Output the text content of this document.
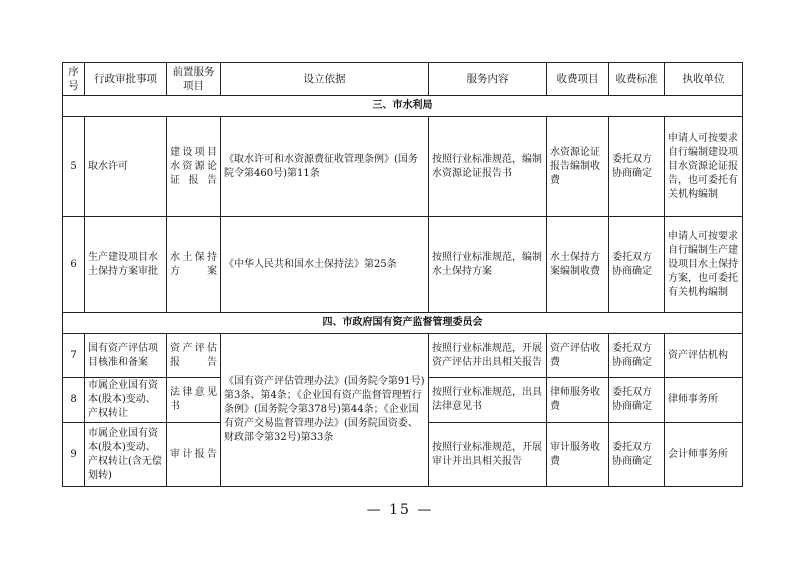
序号	行政审批事项	前置服务项目	设立依据	服务内容	收费项目	收费标准	执收单位
三、市水利局							
5	取水许可	建设项目水资源论证报告	《取水许可和水资源费征收管理条例》(国务院令第460号)第11条	按照行业标准规范，编制水资源论证报告书	水资源论证报告编制收费	委托双方协商确定	申请人可按要求自行编制建设项目水资源论证报告，也可委托有关机构编制
6	生产建设项目水土保持方案审批	水土保持方案	《中华人民共和国水土保持法》第25条	按照行业标准规范，编制水土保持方案	水土保持方案编制收费	委托双方协商确定	申请人可按要求自行编制生产建设项目水土保持方案，也可委托有关机构编制
四、市政府国有资产监督管理委员会							
7	国有资产评估项目核准和备案	资产评估报告	《国有资产评估管理办法》(国务院令第91号)第3条、第4条；《企业国有资产监督管理暂行条例》(国务院令第378号)第44条；《企业国有资产交易监督管理办法》(国务院国资委、财政部令第32号)第33条	按照行业标准规范，开展资产评估并出具相关报告	资产评估收费	委托双方协商确定	资产评估机构
8	市属企业国有资本(股本)变动、产权转让	法律意见书		按照行业标准规范，出具法律意见书	律师服务收费	委托双方协商确定	律师事务所
9	市属企业国有资本(股本)变动、产权转让(含无偿划转)	审计报告		按照行业标准规范，开展审计并出具相关报告	审计服务收费	委托双方协商确定	会计师事务所
— 15 —
